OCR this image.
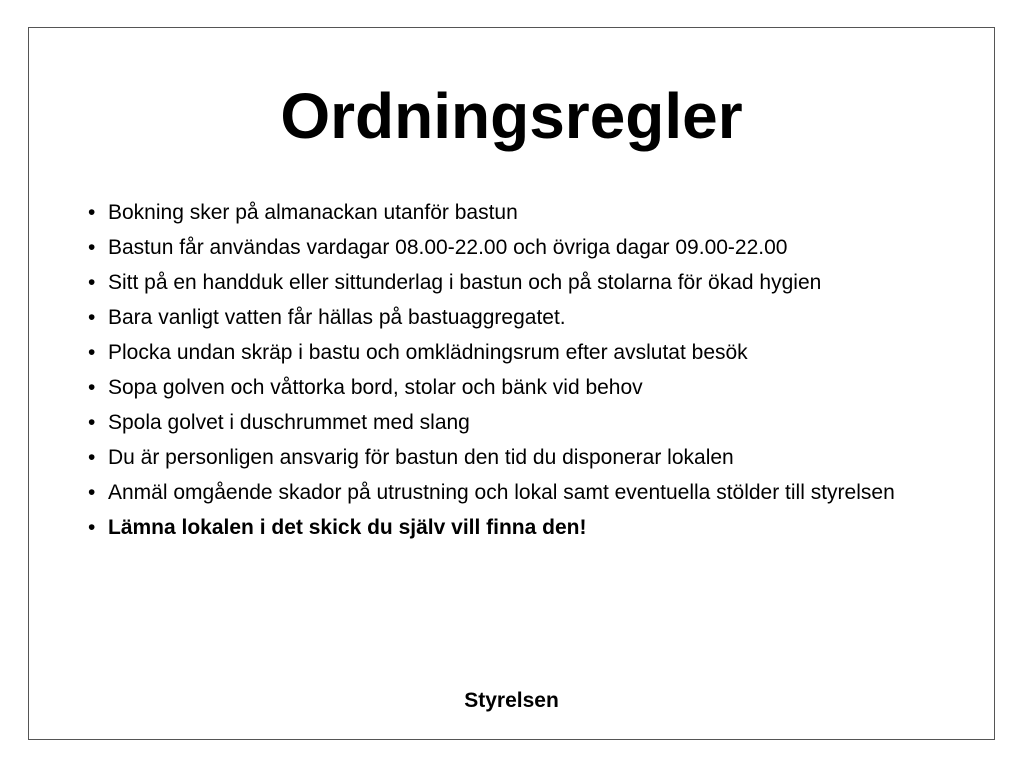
Ordningsregler
• Bokning sker på almanackan utanför bastun
• Bastun får användas vardagar 08.00-22.00 och övriga dagar 09.00-22.00
• Sitt på en handduk eller sittunderlag i bastun och på stolarna för ökad hygien
• Bara vanligt vatten får hällas på bastuaggregatet.
• Plocka undan skräp i bastu och omklädningsrum efter avslutat besök
• Sopa golven och våttorka bord, stolar och bänk vid behov
• Spola golvet i duschrummet med slang
• Du är personligen ansvarig för bastun den tid du disponerar lokalen
• Anmäl omgående skador på utrustning och lokal samt eventuella stölder till styrelsen
• Lämna lokalen i det skick du själv vill finna den!
Styrelsen
